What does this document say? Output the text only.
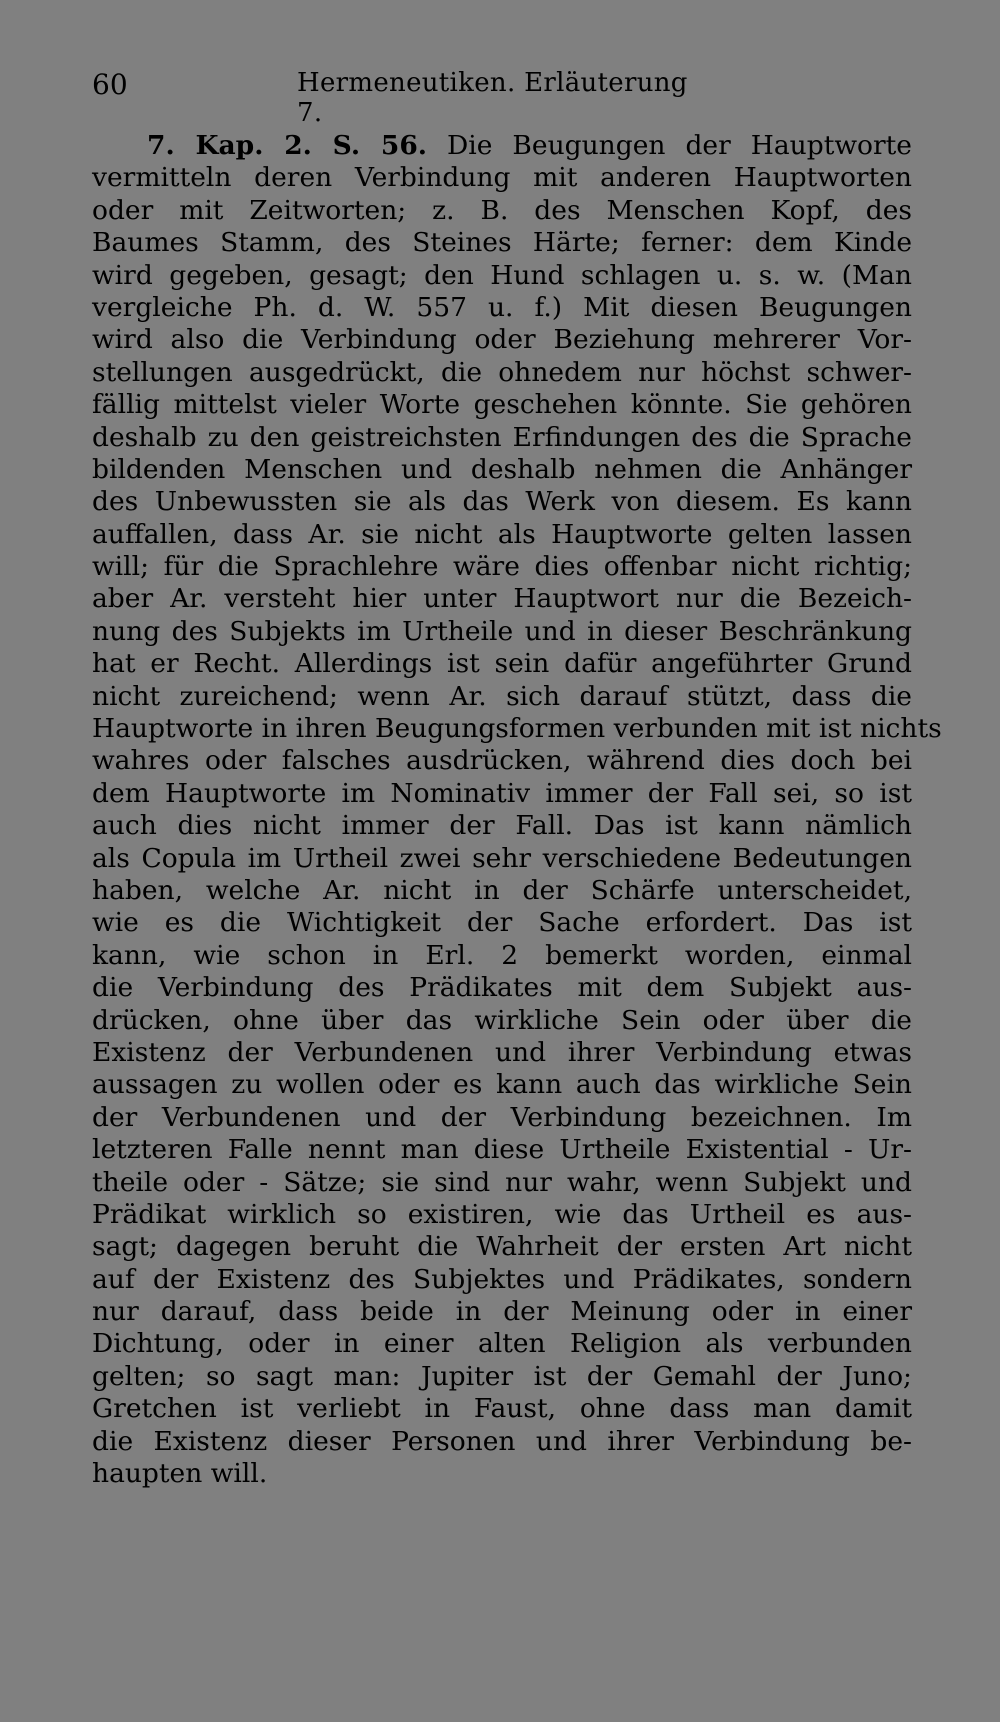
60	Hermeneutiken. Erläuterung 7.
7. Kap. 2. S. 56. Die Beugungen der Hauptworte
vermitteln deren Verbindung mit anderen Hauptworten
oder mit Zeitworten; z. B. des Menschen Kopf, des
Baumes Stamm, des Steines Härte; ferner: dem Kinde
wird gegeben, gesagt; den Hund schlagen u. s. w. (Man
vergleiche Ph. d. W. 557 u. f.) Mit diesen Beugungen
wird also die Verbindung oder Beziehung mehrerer Vor-
stellungen ausgedrückt, die ohnedem nur höchst schwer-
fällig mittelst vieler Worte geschehen könnte. Sie gehören
deshalb zu den geistreichsten Erfindungen des die Sprache
bildenden Menschen und deshalb nehmen die Anhänger
des Unbewussten sie als das Werk von diesem. Es kann
auffallen, dass Ar. sie nicht als Hauptworte gelten lassen
will; für die Sprachlehre wäre dies offenbar nicht richtig;
aber Ar. versteht hier unter Hauptwort nur die Bezeich-
nung des Subjekts im Urtheile und in dieser Beschränkung
hat er Recht. Allerdings ist sein dafür angeführter Grund
nicht zureichend; wenn Ar. sich darauf stützt, dass die
Hauptworte in ihren Beugungsformen verbunden mit ist nichts
wahres oder falsches ausdrücken, während dies doch bei
dem Hauptworte im Nominativ immer der Fall sei, so ist
auch dies nicht immer der Fall. Das ist kann nämlich
als Copula im Urtheil zwei sehr verschiedene Bedeutungen
haben, welche Ar. nicht in der Schärfe unterscheidet,
wie es die Wichtigkeit der Sache erfordert. Das ist
kann, wie schon in Erl. 2 bemerkt worden, einmal
die Verbindung des Prädikates mit dem Subjekt aus-
drücken, ohne über das wirkliche Sein oder über die
Existenz der Verbundenen und ihrer Verbindung etwas
aussagen zu wollen oder es kann auch das wirkliche Sein
der Verbundenen und der Verbindung bezeichnen. Im
letzteren Falle nennt man diese Urtheile Existential - Ur-
theile oder - Sätze; sie sind nur wahr, wenn Subjekt und
Prädikat wirklich so existiren, wie das Urtheil es aus-
sagt; dagegen beruht die Wahrheit der ersten Art nicht
auf der Existenz des Subjektes und Prädikates, sondern
nur darauf, dass beide in der Meinung oder in einer
Dichtung, oder in einer alten Religion als verbunden
gelten; so sagt man: Jupiter ist der Gemahl der Juno;
Gretchen ist verliebt in Faust, ohne dass man damit
die Existenz dieser Personen und ihrer Verbindung be-
haupten will.
